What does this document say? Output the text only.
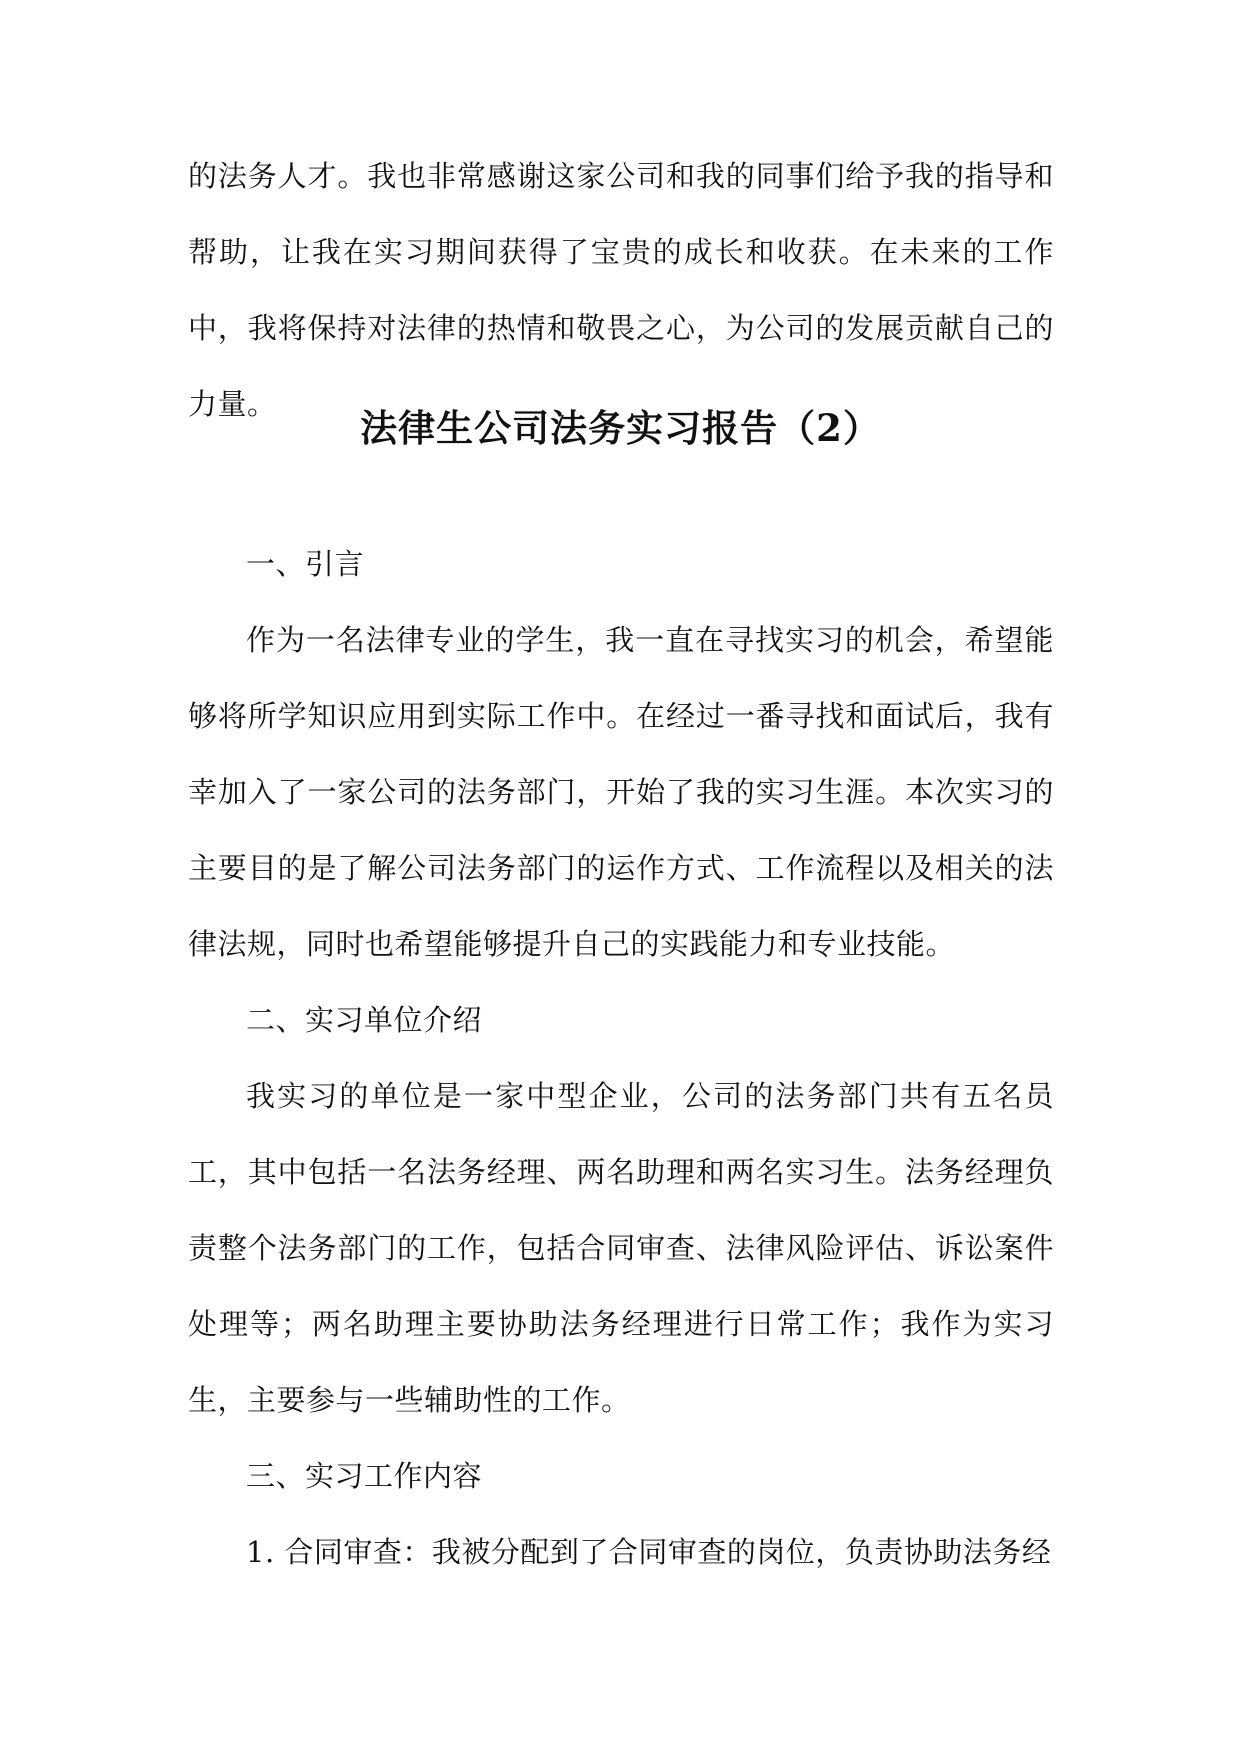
的法务人才。我也非常感谢这家公司和我的同事们给予我的指导和帮助，让我在实习期间获得了宝贵的成长和收获。在未来的工作中，我将保持对法律的热情和敬畏之心，为公司的发展贡献自己的力量。

法律生公司法务实习报告（2）

一、引言

作为一名法律专业的学生，我一直在寻找实习的机会，希望能够将所学知识应用到实际工作中。在经过一番寻找和面试后，我有幸加入了一家公司的法务部门，开始了我的实习生涯。本次实习的主要目的是了解公司法务部门的运作方式、工作流程以及相关的法律法规，同时也希望能够提升自己的实践能力和专业技能。

二、实习单位介绍

我实习的单位是一家中型企业，公司的法务部门共有五名员工，其中包括一名法务经理、两名助理和两名实习生。法务经理负责整个法务部门的工作，包括合同审查、法律风险评估、诉讼案件处理等；两名助理主要协助法务经理进行日常工作；我作为实习生，主要参与一些辅助性的工作。

三、实习工作内容

1. 合同审查：我被分配到了合同审查的岗位，负责协助法务经
